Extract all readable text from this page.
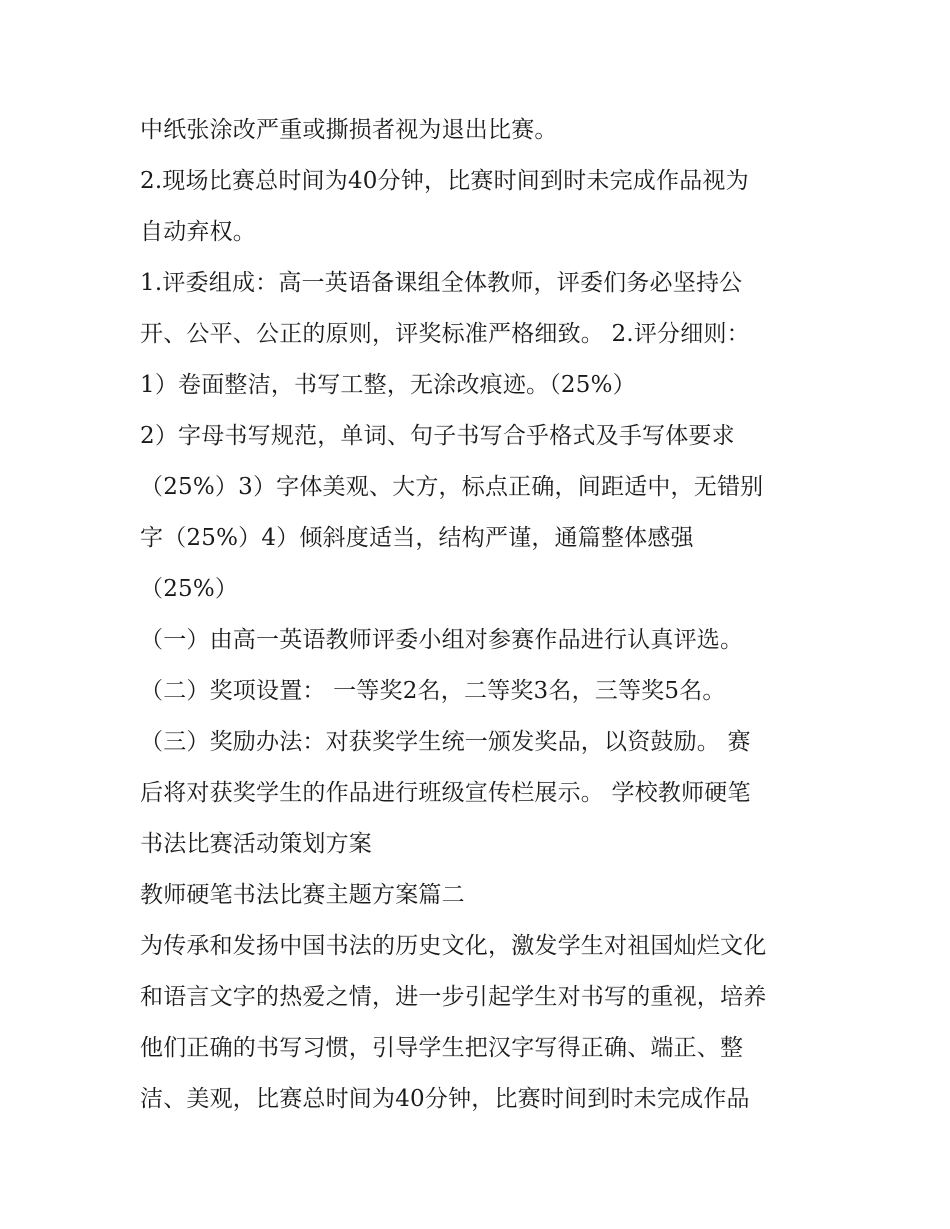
中纸张涂改严重或撕损者视为退出比赛。
2.现场比赛总时间为40分钟，比赛时间到时未完成作品视为
自动弃权。
1.评委组成：高一英语备课组全体教师，评委们务必坚持公
开、公平、公正的原则，评奖标准严格细致。 2.评分细则：
1）卷面整洁，书写工整，无涂改痕迹。（25%）
2）字母书写规范，单词、句子书写合乎格式及手写体要求
（25%）3）字体美观、大方，标点正确，间距适中，无错别
字（25%）4）倾斜度适当，结构严谨，通篇整体感强
（25%）
（一）由高一英语教师评委小组对参赛作品进行认真评选。
（二）奖项设置： 一等奖2名，二等奖3名，三等奖5名。
（三）奖励办法：对获奖学生统一颁发奖品，以资鼓励。 赛
后将对获奖学生的作品进行班级宣传栏展示。 学校教师硬笔
书法比赛活动策划方案
教师硬笔书法比赛主题方案篇二
为传承和发扬中国书法的历史文化，激发学生对祖国灿烂文化
和语言文字的热爱之情，进一步引起学生对书写的重视，培养
他们正确的书写习惯，引导学生把汉字写得正确、端正、整
洁、美观，比赛总时间为40分钟，比赛时间到时未完成作品
